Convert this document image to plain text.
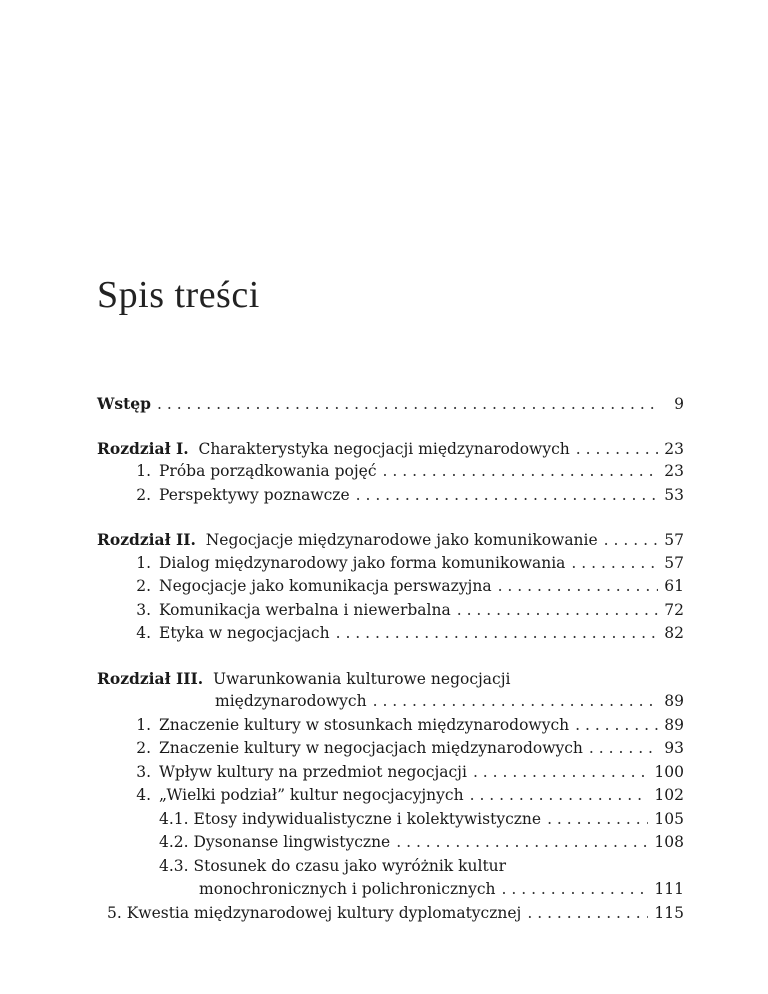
Spis treści
Wstęp . . .	9
Rozdział I. Charakterystyka negocjacji międzynarodowych . . .	23
1. Próba porządkowania pojęć . . .	23
2. Perspektywy poznawcze . . .	53
Rozdział II. Negocjacje międzynarodowe jako komunikowanie . . .	57
1. Dialog międzynarodowy jako forma komunikowania . . .	57
2. Negocjacje jako komunikacja perswazyjna . . .	61
3. Komunikacja werbalna i niewerbalna . . .	72
4. Etyka w negocjacjach . . .	82
Rozdział III. Uwarunkowania kulturowe negocjacji
międzynarodowych . . .	89
1. Znaczenie kultury w stosunkach międzynarodowych . . .	89
2. Znaczenie kultury w negocjacjach międzynarodowych . . .	93
3. Wpływ kultury na przedmiot negocjacji . . .	100
4. „Wielki podział” kultur negocjacyjnych . . .	102
4.1. Etosy indywidualistyczne i kolektywistyczne . . .	105
4.2. Dysonanse lingwistyczne . . .	108
4.3. Stosunek do czasu jako wyróżnik kultur
monochronicznych i polichronicznych . . .	111
5. Kwestia międzynarodowej kultury dyplomatycznej . . .	115
